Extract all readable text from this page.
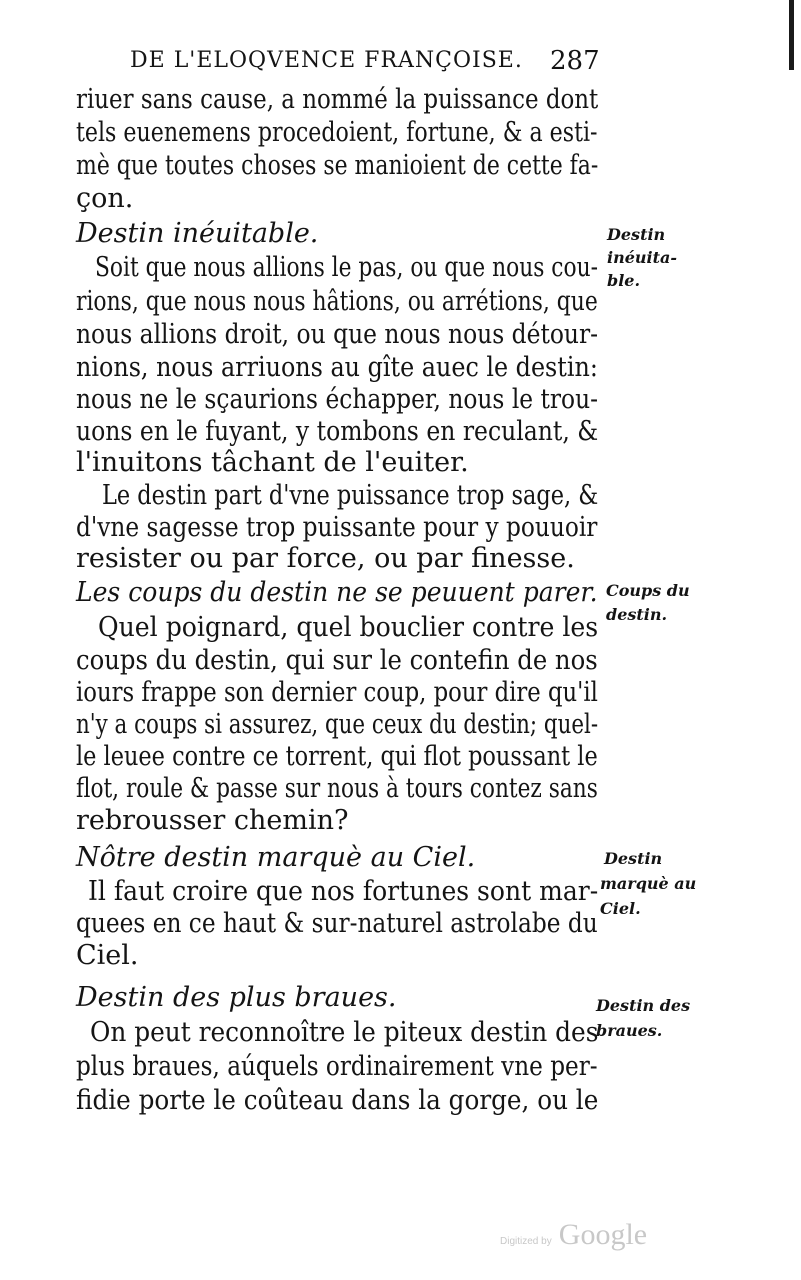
DE L'ELOQVENCE FRANÇOISE. 287
riuer sans cause, a nommé la puissance dont
tels euenemens procedoient, fortune, & a esti-
mè que toutes choses se manioient de cette fa-
çon.
Destin inéuitable.
Soit que nous allions le pas, ou que nous cou-
rions, que nous nous hâtions, ou arrétions, que
nous allions droit, ou que nous nous détour-
nions, nous arriuons au gîte auec le destin:
nous ne le sçaurions échapper, nous le trou-
uons en le fuyant, y tombons en reculant, &
l'inuitons tâchant de l'euiter.
Le destin part d'vne puissance trop sage, &
d'vne sagesse trop puissante pour y pouuoir
resister ou par force, ou par finesse.
Les coups du destin ne se peuuent parer.
Quel poignard, quel bouclier contre les
coups du destin, qui sur le contefin de nos
iours frappe son dernier coup, pour dire qu'il
n'y a coups si assurez, que ceux du destin; quel-
le leuee contre ce torrent, qui flot poussant le
flot, roule & passe sur nous à tours contez sans
rebrousser chemin?
Nôtre destin marquè au Ciel.
Il faut croire que nos fortunes sont mar-
quees en ce haut & sur-naturel astrolabe du
Ciel.
Destin des plus braues.
On peut reconnoître le piteux destin des
plus braues, aúquels ordinairement vne per-
fidie porte le coûteau dans la gorge, ou le
Destin
inéuita-
ble.
Coups du
destin.
Destin
marquè au
Ciel.
Destin des
braues.
Digitized by Google
